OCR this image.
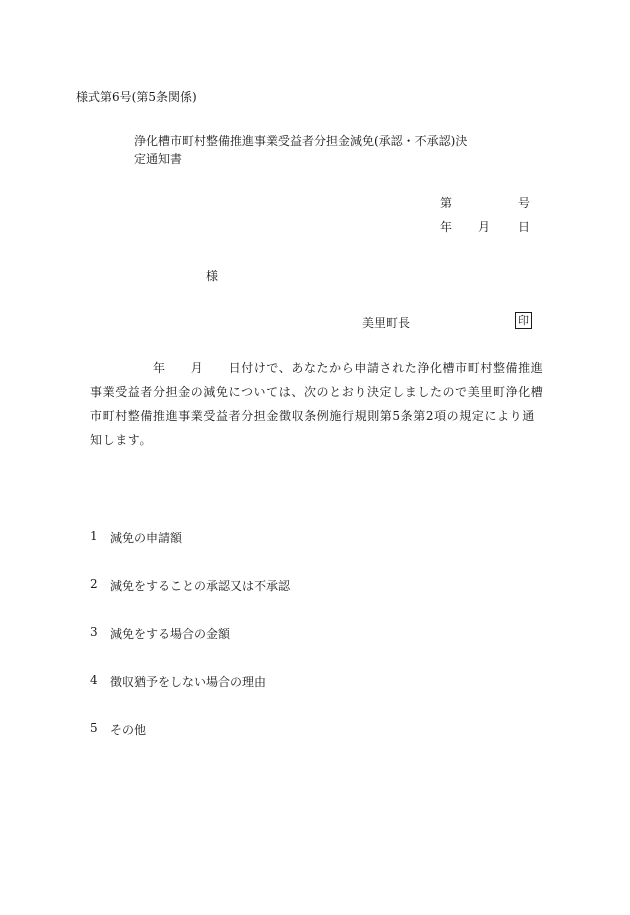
様式第6号(第5条関係)
浄化槽市町村整備推進事業受益者分担金減免(承認・不承認)決
定通知書
第	号
年 月 日
様
美里町長	印
年　　月　　日付けで、あなたから申請された浄化槽市町村整備推進
事業受益者分担金の減免については、次のとおり決定しましたので美里町浄化槽
市町村整備推進事業受益者分担金徴収条例施行規則第5条第2項の規定により通
知します。
1 減免の申請額
2 減免をすることの承認又は不承認
3 減免をする場合の金額
4 徴収猶予をしない場合の理由
5 その他
